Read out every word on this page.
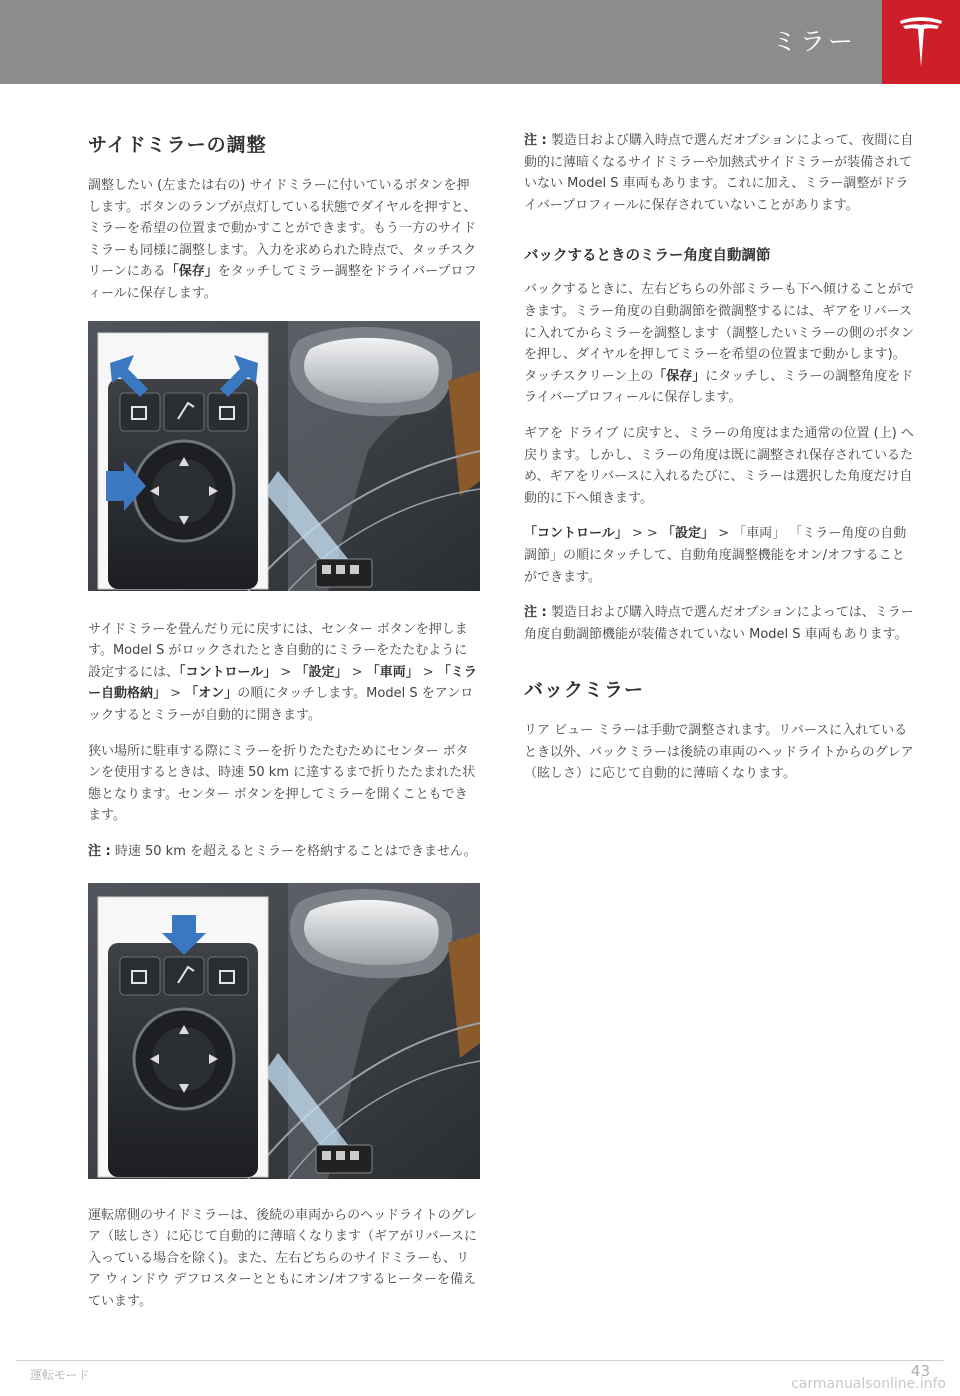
ミラー
サイドミラーの調整

調整したい (左または右の) サイドミラーに付いているボタンを押します。ボタンのランプが点灯している状態でダイヤルを押すと、ミラーを希望の位置まで動かすことができます。もう一方のサイドミラーも同様に調整します。入力を求められた時点で、タッチスクリーンにある「保存」をタッチしてミラー調整をドライバープロフィールに保存します。

サイドミラーを畳んだり元に戻すには、センター ボタンを押します。Model S がロックされたとき自動的にミラーをたたむように設定するには、「コントロール」 > 「設定」 > 「車両」 > 「ミラー自動格納」 > 「オン」の順にタッチします。Model S をアンロックするとミラーが自動的に開きます。

狭い場所に駐車する際にミラーを折りたたむためにセンター ボタンを使用するときは、時速 50 km に達するまで折りたたまれた状態となります。センター ボタンを押してミラーを開くこともできます。

注 : 時速 50 km を超えるとミラーを格納することはできません。

運転席側のサイドミラーは、後続の車両からのヘッドライトのグレア（眩しさ）に応じて自動的に薄暗くなります（ギアがリバースに入っている場合を除く)。また、左右どちらのサイドミラーも、リア ウィンドウ デフロスターとともにオン/オフするヒーターを備えています。

注 : 製造日および購入時点で選んだオプションによって、夜間に自動的に薄暗くなるサイドミラーや加熱式サイドミラーが装備されていない Model S 車両もあります。これに加え、ミラー調整がドライバープロフィールに保存されていないことがあります。

バックするときのミラー角度自動調節

バックするときに、左右どちらの外部ミラーも下へ傾けることができます。ミラー角度の自動調節を微調整するには、ギアをリバースに入れてからミラーを調整します（調整したいミラーの側のボタンを押し、ダイヤルを押してミラーを希望の位置まで動かします)。タッチスクリーン上の「保存」にタッチし、ミラーの調整角度をドライバープロフィールに保存します。

ギアを ドライブ に戻すと、ミラーの角度はまた通常の位置 (上) へ戻ります。しかし、ミラーの角度は既に調整され保存されているため、ギアをリバースに入れるたびに、ミラーは選択した角度だけ自動的に下へ傾きます。

「コントロール」 > > 「設定」 > 「車両」 「ミラー角度の自動調節」の順にタッチして、自動角度調整機能をオン/オフすることができます。

注 : 製造日および購入時点で選んだオプションによっては、ミラー角度自動調節機能が装備されていない Model S 車両もあります。

バックミラー

リア ビュー ミラーは手動で調整されます。リバースに入れているとき以外、バックミラーは後続の車両のヘッドライトからのグレア（眩しさ）に応じて自動的に薄暗くなります。

運転モード	43
carmanualsonline.info
